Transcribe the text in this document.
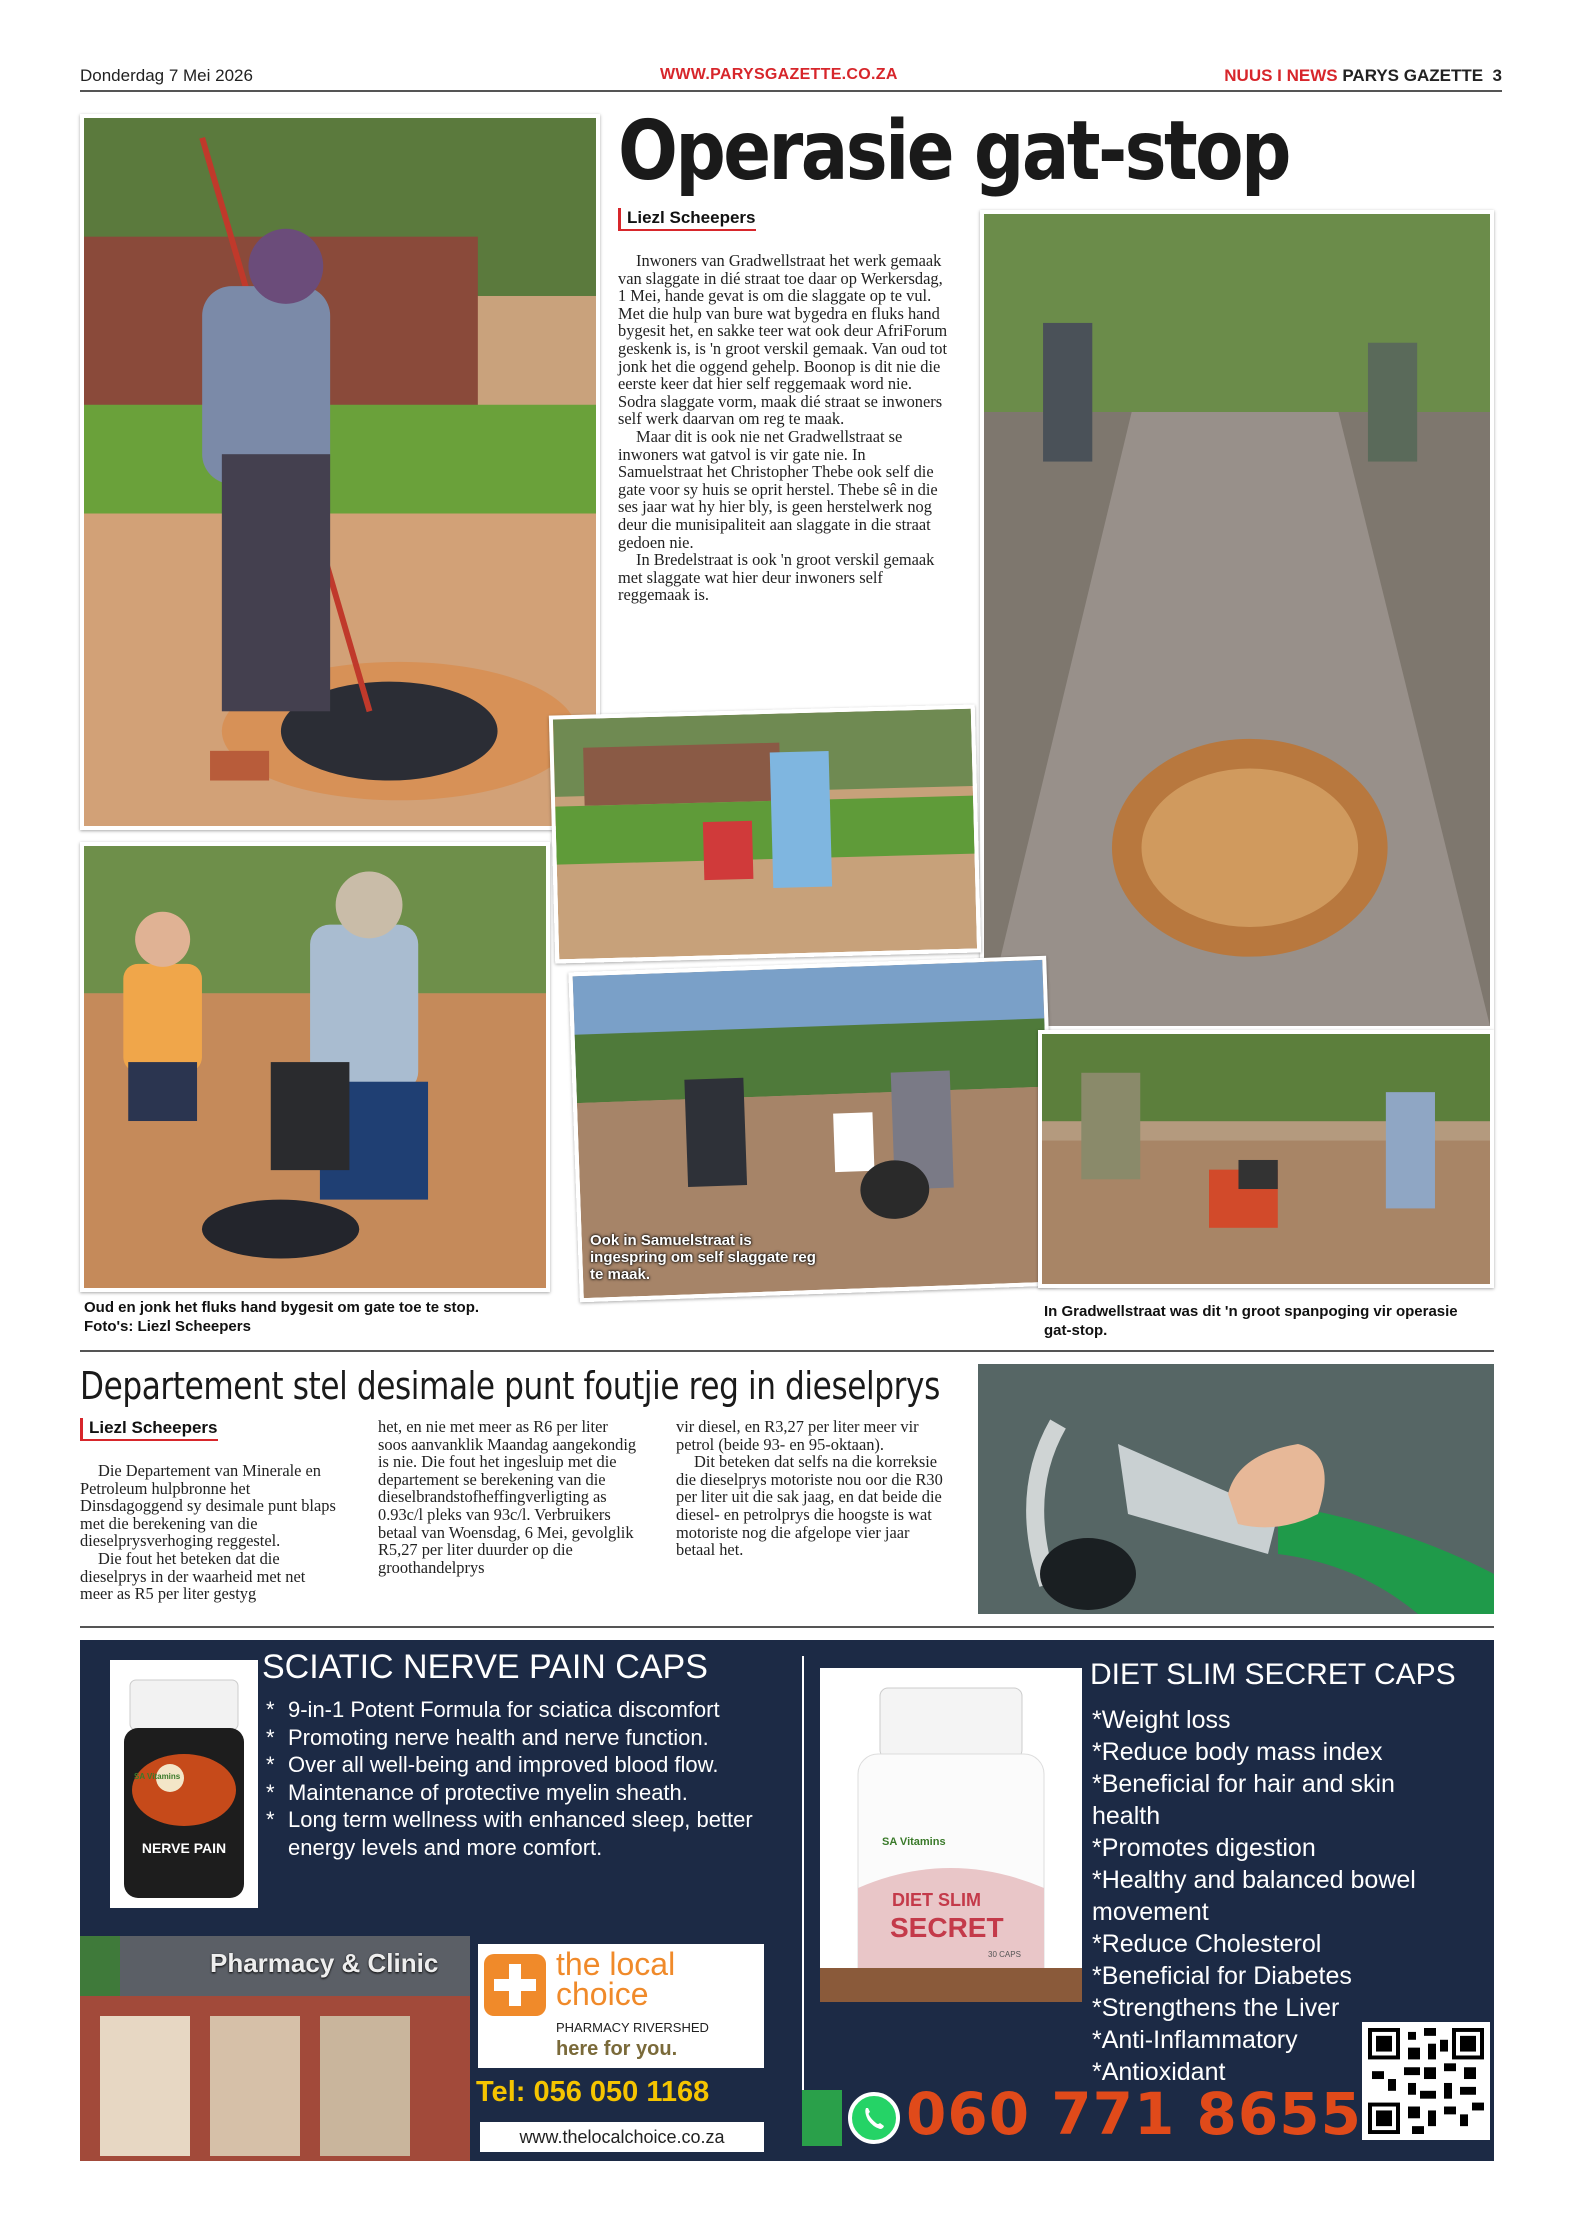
Donderdag 7 Mei 2026	WWW.PARYSGAZETTE.CO.ZA	NUUS I NEWS PARYS GAZETTE 3
Operasie gat-stop
Liezl Scheepers

Inwoners van Gradwellstraat het werk gemaak van slaggate in dié straat toe daar op Werkersdag, 1 Mei, hande gevat is om die slaggate op te vul. Met die hulp van bure wat bygedra en fluks hand bygesit het, en sakke teer wat ook deur AfriForum geskenk is, is 'n groot verskil gemaak. Van oud tot jonk het die oggend gehelp. Boonop is dit nie die eerste keer dat hier self reggemaak word nie. Sodra slaggate vorm, maak dié straat se inwoners self werk daarvan om reg te maak.

Maar dit is ook nie net Gradwellstraat se inwoners wat gatvol is vir gate nie. In Samuelstraat het Christopher Thebe ook self die gate voor sy huis se oprit herstel. Thebe sê in die ses jaar wat hy hier bly, is geen herstelwerk nog deur die munisipaliteit aan slaggate in die straat gedoen nie.

In Bredelstraat is ook 'n groot verskil gemaak met slaggate wat hier deur inwoners self reggemaak is.

Oud en jonk het fluks hand bygesit om gate toe te stop. Foto's: Liezl Scheepers
Ook in Samuelstraat is ingespring om self slaggate reg te maak.
In Gradwellstraat was dit 'n groot spanpoging vir operasie gat-stop.
Departement stel desimale punt foutjie reg in dieselprys
Liezl Scheepers

Die Departement van Minerale en Petroleum hulpbronne het Dinsdagoggend sy desimale punt blaps met die berekening van die dieselprysverhoging reggestel.

Die fout het beteken dat die dieselprys in der waarheid met net meer as R5 per liter gestyg

het, en nie met meer as R6 per liter soos aanvanklik Maandag aangekondig is nie. Die fout het ingesluip met die departement se berekening van die dieselbrandstofheffingverligting as 0.93c/l pleks van 93c/l. Verbruikers betaal van Woensdag, 6 Mei, gevolglik R5,27 per liter duurder op die groothandelprys

vir diesel, en R3,27 per liter meer vir petrol (beide 93- en 95-oktaan).

Dit beteken dat selfs na die korreksie die dieselprys motoriste nou oor die R30 per liter uit die sak jaag, en dat beide die diesel- en petrolprys die hoogste is wat motoriste nog die afgelope vier jaar betaal het.

SA Vitamins
NERVE PAIN
SCIATIC NERVE PAIN CAPS
* 9-in-1 Potent Formula for sciatica discomfort
* Promoting nerve health and nerve function.
* Over all well-being and improved blood flow.
* Maintenance of protective myelin sheath.
* Long term wellness with enhanced sleep, better energy levels and more comfort.
Pharmacy & Clinic	the local
choice
PHARMACY RIVERSHED
here for you.
Tel: 056 050 1168
www.thelocalchoice.co.za
SA Vitamins
DIET SLIM
SECRET
30 CAPS
DIET SLIM SECRET CAPS
*Weight loss
*Reduce body mass index
*Beneficial for hair and skin health
*Promotes digestion
*Healthy and balanced bowel movement
*Reduce Cholesterol
*Beneficial for Diabetes
*Strengthens the Liver
*Anti-Inflammatory
*Antioxidant
060 771 8655
